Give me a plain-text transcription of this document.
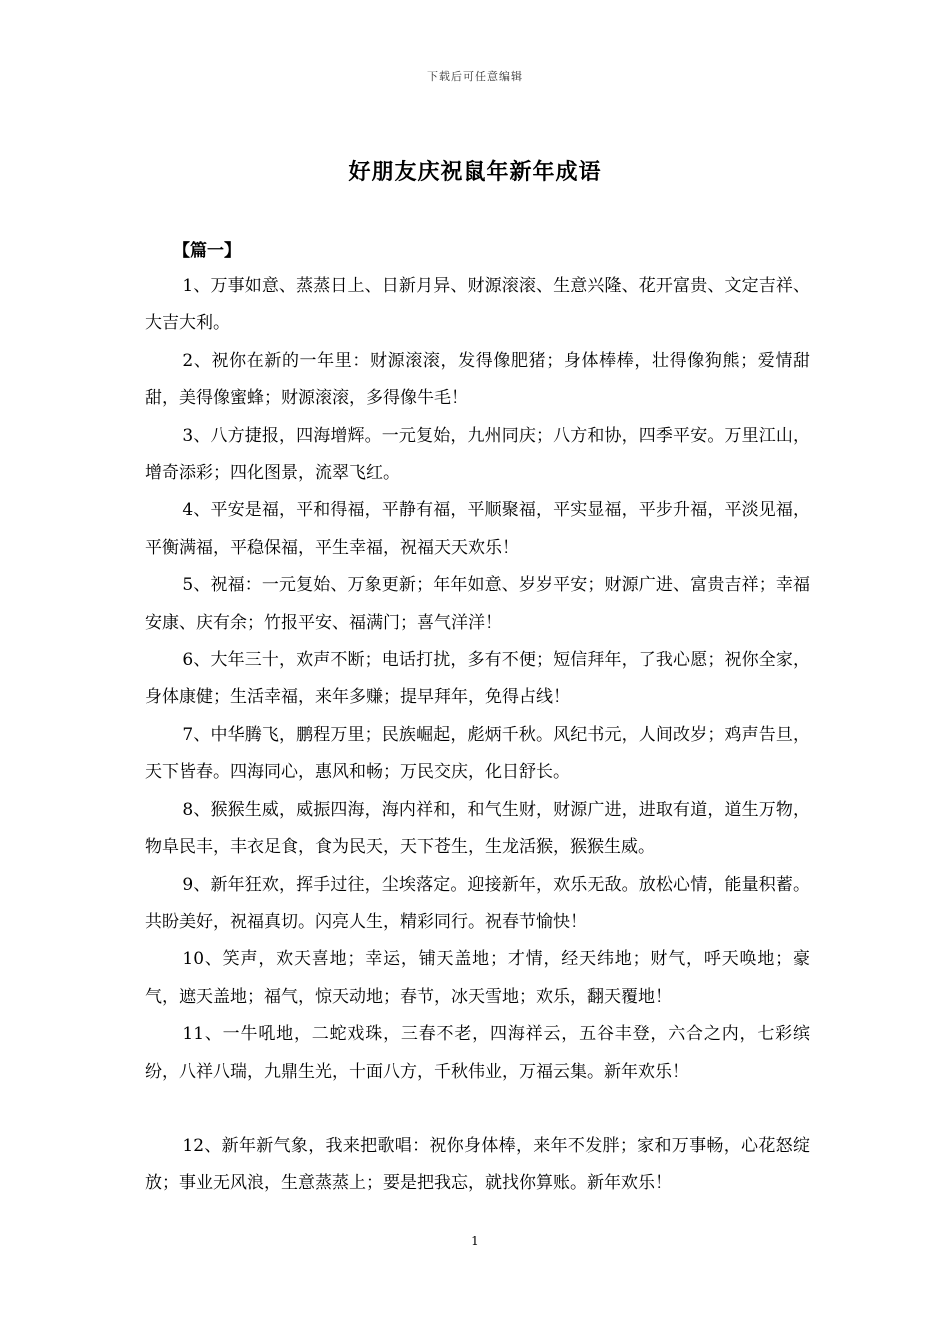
下载后可任意编辑
好朋友庆祝鼠年新年成语
【篇一】

1、万事如意、蒸蒸日上、日新月异、财源滚滚、生意兴隆、花开富贵、文定吉祥、大吉大利。

2、祝你在新的一年里：财源滚滚，发得像肥猪；身体棒棒，壮得像狗熊；爱情甜甜，美得像蜜蜂；财源滚滚，多得像牛毛！

3、八方捷报，四海增辉。一元复始，九州同庆；八方和协，四季平安。万里江山，增奇添彩；四化图景，流翠飞红。

4、平安是福，平和得福，平静有福，平顺聚福，平实显福，平步升福，平淡见福，平衡满福，平稳保福，平生幸福，祝福天天欢乐！

5、祝福：一元复始、万象更新；年年如意、岁岁平安；财源广进、富贵吉祥；幸福安康、庆有余；竹报平安、福满门；喜气洋洋！

6、大年三十，欢声不断；电话打扰，多有不便；短信拜年，了我心愿；祝你全家，身体康健；生活幸福，来年多赚；提早拜年，免得占线！

7、中华腾飞，鹏程万里；民族崛起，彪炳千秋。风纪书元，人间改岁；鸡声告旦，天下皆春。四海同心，惠风和畅；万民交庆，化日舒长。

8、猴猴生威，威振四海，海内祥和，和气生财，财源广进，进取有道，道生万物，物阜民丰，丰衣足食，食为民天，天下苍生，生龙活猴，猴猴生威。

9、新年狂欢，挥手过往，尘埃落定。迎接新年，欢乐无敌。放松心情，能量积蓄。共盼美好，祝福真切。闪亮人生，精彩同行。祝春节愉快！

10、笑声，欢天喜地；幸运，铺天盖地；才情，经天纬地；财气，呼天唤地；豪气，遮天盖地；福气，惊天动地；春节，冰天雪地；欢乐，翻天覆地！

11、一牛吼地，二蛇戏珠，三春不老，四海祥云，五谷丰登，六合之内，七彩缤纷，八祥八瑞，九鼎生光，十面八方，千秋伟业，万福云集。新年欢乐！

12、新年新气象，我来把歌唱：祝你身体棒，来年不发胖；家和万事畅，心花怒绽放；事业无风浪，生意蒸蒸上；要是把我忘，就找你算账。新年欢乐！

1
